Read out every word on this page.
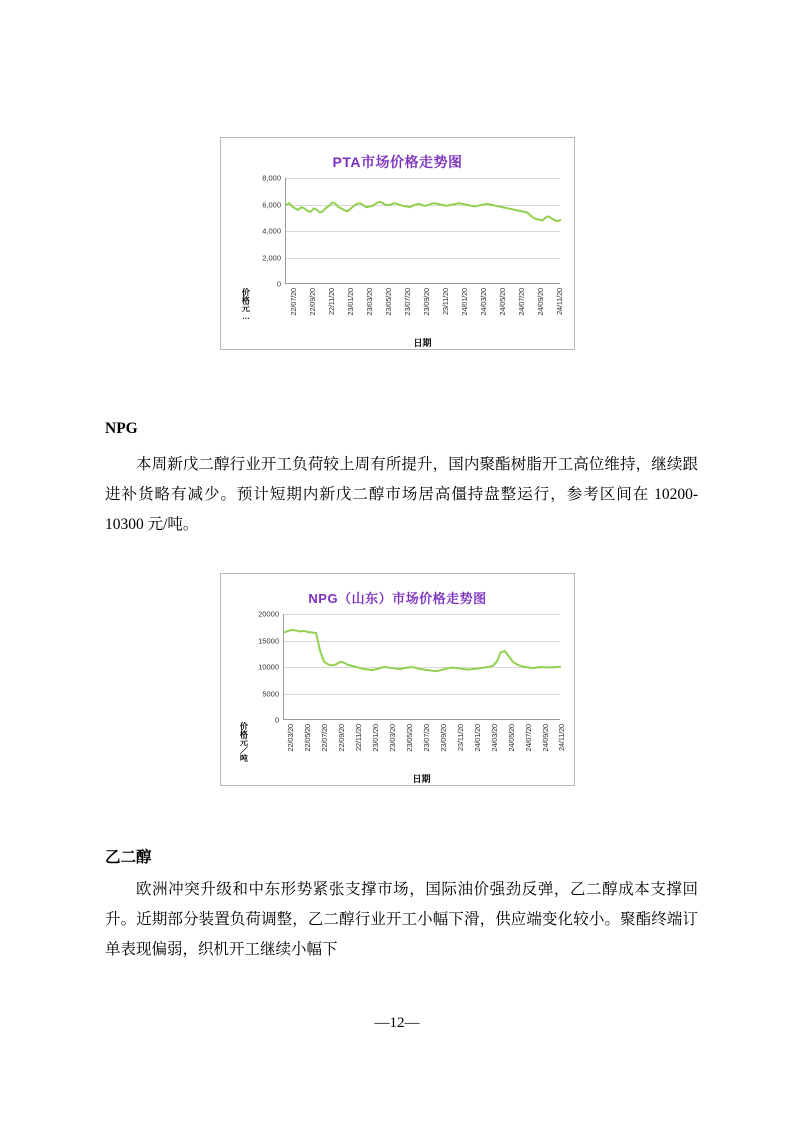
PTA市场价格走势图
8,000
6,000
4,000
2,000
0
22/07/20 22/09/20 22/11/20 23/01/20 23/03/20 23/05/20 23/07/20 23/09/20 23/11/20 24/01/20 24/03/20 24/05/20 24/07/20 24/09/20 24/11/20
价格元…
日期
NPG

本周新戊二醇行业开工负荷较上周有所提升，国内聚酯树脂开工高位维持，继续跟进补货略有减少。预计短期内新戊二醇市场居高僵持盘整运行，参考区间在 10200-10300 元/吨。

NPG（山东）市场价格走势图
20000
15000
10000
5000
0
22/03/20 22/05/20 22/07/20 22/09/20 22/11/20 23/01/20 23/03/20 23/05/20 23/07/20 23/09/20 23/11/20 24/01/20 24/03/20 24/05/20 24/07/20 24/09/20 24/11/20
价格元／吨
日期
乙二醇

欧洲冲突升级和中东形势紧张支撑市场，国际油价强劲反弹，乙二醇成本支撑回升。近期部分装置负荷调整，乙二醇行业开工小幅下滑，供应端变化较小。聚酯终端订单表现偏弱，织机开工继续小幅下

—12—
